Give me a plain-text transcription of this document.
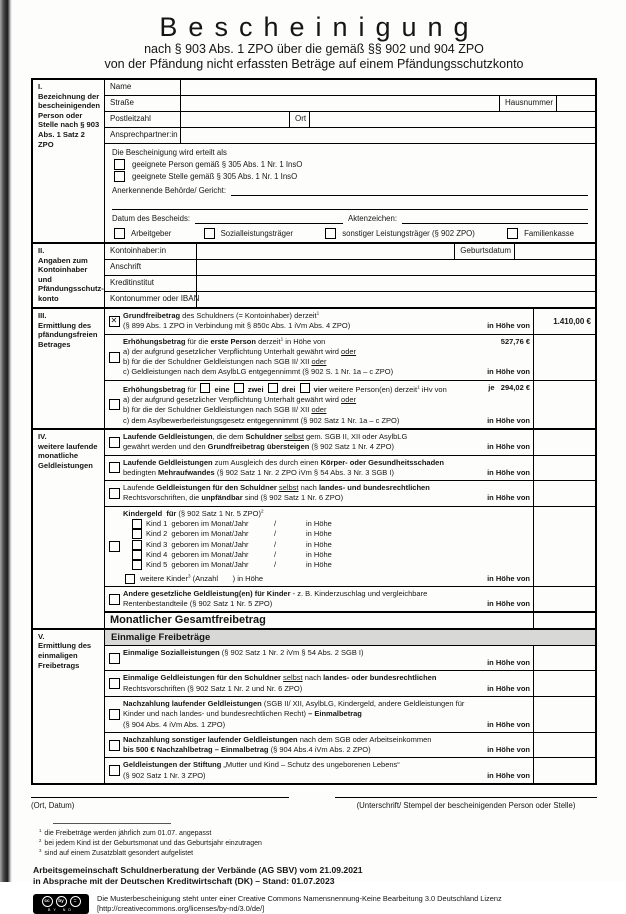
Bescheinigung
nach § 903 Abs. 1 ZPO über die gemäß §§ 902 und 904 ZPO
von der Pfändung nicht erfassten Beträge auf einem Pfändungsschutzkonto
I.
Bezeichnung der bescheinigenden Person oder Stelle nach § 903 Abs. 1 Satz 2 ZPO
Name
Straße	Hausnummer
Postleitzahl	Ort
Ansprechpartner:in
Die Bescheinigung wird erteilt als
geeignete Person gemäß § 305 Abs. 1 Nr. 1 InsO
geeignete Stelle gemäß § 305 Abs. 1 Nr. 1 InsO
Anerkennende Behörde/ Gericht:
Datum des Bescheids:	Aktenzeichen:
Arbeitgeber	Sozialleistungsträger	sonstiger Leistungsträger (§ 902 ZPO)	Familienkasse
II.
Angaben zum Kontoinhaber und Pfändungsschutz-konto
Kontoinhaber:in	Geburtsdatum
Anschrift
Kreditinstitut
Kontonummer oder IBAN
III.
Ermittlung des pfändungsfreien Betrages
✕
Grundfreibetrag des Schuldners (= Kontoinhaber) derzeit$^1$
(§ 899 Abs. 1 ZPO in Verbindung mit § 850c Abs. 1 iVm Abs. 4 ZPO)	in Höhe von	1.410,00 €
Erhöhungsbetrag für die erste Person derzeit$^1$ in Höhe von	527,76 €
a) der aufgrund gesetzlicher Verpflichtung Unterhalt gewährt wird oder
b) für die der Schuldner Geldleistungen nach SGB II/ XII oder
c) Geldleistungen nach dem AsylbLG entgegennimmt (§ 902 S. 1 Nr. 1a – c ZPO)	in Höhe von
Erhöhungsbetrag für  eine  zwei  drei  vier weitere Person(en) derzeit$^1$ iHv von	je   294,02 €
a) der aufgrund gesetzlicher Verpflichtung Unterhalt gewährt wird oder
b) für die der Schuldner Geldleistungen nach SGB II/ XII oder
c) dem Asylbewerberleistungsgesetz entgegennimmt (§ 902 Satz 1 Nr. 1a – c ZPO)	in Höhe von
IV.
weitere laufende monatliche Geldleistungen
Laufende Geldleistungen, die dem Schuldner selbst gem. SGB II, XII oder AsylbLG
gewährt werden und den Grundfreibetrag übersteigen (§ 902 Satz 1 Nr. 4 ZPO)	in Höhe von
Laufende Geldleistungen zum Ausgleich des durch einen Körper- oder Gesundheitsschaden
bedingten Mehraufwandes (§ 902 Satz 1 Nr. 2 ZPO iVm § 54 Abs. 3 Nr. 3 SGB I)	in Höhe von
Laufende Geldleistungen für den Schuldner selbst nach landes- und bundesrechtlichen
Rechtsvorschriften, die unpfändbar sind (§ 902 Satz 1 Nr. 6 ZPO)	in Höhe von
Kindergeld  für (§ 902 Satz 1 Nr. 5 ZPO)$^2$
Kind 1  geboren im Monat/Jahr	/	in Höhe
Kind 2  geboren im Monat/Jahr	/	in Höhe
Kind 3  geboren im Monat/Jahr	/	in Höhe
Kind 4  geboren im Monat/Jahr	/	in Höhe
Kind 5  geboren im Monat/Jahr	/	in Höhe
weitere Kinder$^3$ (Anzahl       ) in Höhe	in Höhe von
Andere gesetzliche Geldleistung(en) für Kinder - z. B. Kinderzuschlag und vergleichbare
Rentenbestandteile (§ 902 Satz 1 Nr. 5 ZPO)	in Höhe von
Monatlicher Gesamtfreibetrag
V.
Ermittlung des einmaligen Freibetrags
Einmalige Freibeträge
Einmalige Sozialleistungen (§ 902 Satz 1 Nr. 2 iVm § 54 Abs. 2 SGB I)
in Höhe von
Einmalige Geldleistungen für den Schuldner selbst nach landes- oder bundesrechtlichen
Rechtsvorschriften (§ 902 Satz 1 Nr. 2 und Nr. 6 ZPO)	in Höhe von
Nachzahlung laufender Geldleistungen (SGB II/ XII, AsylbLG, Kindergeld, andere Geldleistungen für
Kinder und nach landes- und bundesrechtlichen Recht) – Einmalbetrag
(§ 904 Abs. 4 iVm Abs. 1 ZPO)	in Höhe von
Nachzahlung sonstiger laufender Geldleistungen nach dem SGB oder Arbeitseinkommen
bis 500 € Nachzahlbetrag – Einmalbetrag (§ 904 Abs.4 iVm Abs. 2 ZPO)	in Höhe von
Geldleistungen der Stiftung „Mutter und Kind – Schutz des ungeborenen Lebens“
(§ 902 Satz 1 Nr. 3 ZPO)	in Höhe von
(Ort, Datum)	(Unterschrift/ Stempel der bescheinigenden Person oder Stelle)
$^1$ die Freibeträge werden jährlich zum 01.07. angepasst
$^2$ bei jedem Kind ist der Geburtsmonat und das Geburtsjahr einzutragen
$^3$ sind auf einem Zusatzblatt gesondert aufgelistet
Arbeitsgemeinschaft Schuldnerberatung der Verbände (AG SBV) vom 21.09.2021
in Absprache mit der Deutschen Kreditwirtschaft (DK) – Stand: 01.07.2023
cc	by	=
BY ND
Die Musterbescheinigung steht unter einer Creative Commons Namensnennung-Keine Bearbeitung 3.0 Deutschland Lizenz
[http://creativecommons.org/licenses/by-nd/3.0/de/]
